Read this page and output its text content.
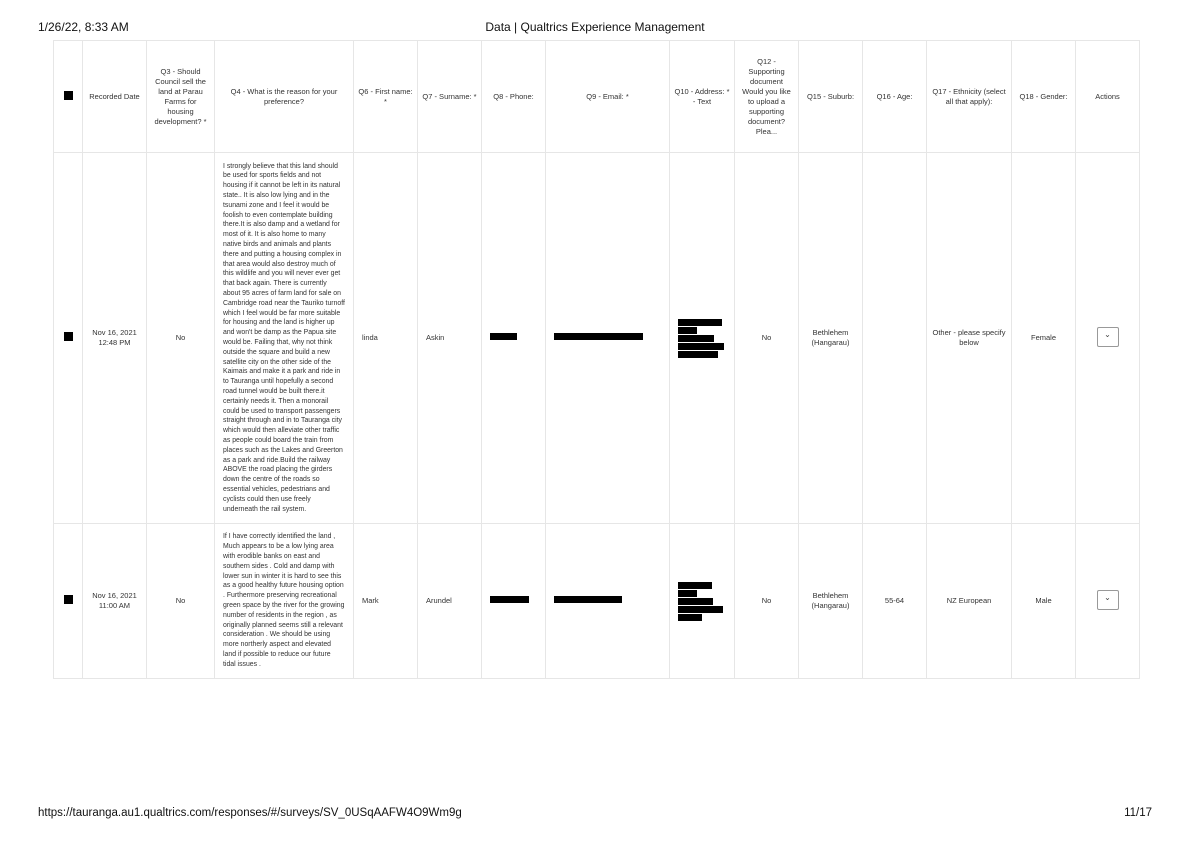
1/26/22, 8:33 AM	Data | Qualtrics Experience Management
	Recorded Date	Q3 - Should Council sell the land at Parau Farms for housing development? *	Q4 - What is the reason for your preference?	Q6 - First name: *	Q7 - Surname: *	Q8 - Phone:	Q9 - Email: *	Q10 - Address: * - Text	Q12 - Supporting document Would you like to upload a supporting document? Plea...	Q15 - Suburb:	Q16 - Age:	Q17 - Ethnicity (select all that apply):	Q18 - Gender:	Actions
	Nov 16, 2021 12:48 PM	No	I strongly believe that this land should be used for sports fields and not housing if it cannot be left in its natural state.. It is also low lying and in the tsunami zone and I feel it would be foolish to even contemplate building there.It is also damp and a wetland for most of it. It is also home to many native birds and animals and plants there and putting a housing complex in that area would also destroy much of this wildlife and you will never ever get that back again. There is currently about 95 acres of farm land for sale on Cambridge road near the Tauriko turnoff which I feel would be far more suitable for housing and the land is higher up and won't be damp as the Papua site would be. Failing that, why not think outside the square and build a new satellite city on the other side of the Kaimais and make it a park and ride in to Tauranga until hopefully a second road tunnel would be built there.it certainly needs it. Then a monorail could be used to transport passengers straight through and in to Tauranga city which would then alleviate other traffic as people could board the train from places such as the Lakes and Greerton as a park and ride.Build the railway ABOVE the road placing the girders down the centre of the roads so essential vehicles, pedestrians and cyclists could then use freely underneath the rail system.	linda	Askin				No	Bethlehem (Hangarau)		Other - please specify below	Female	⌄

	Nov 16, 2021 11:00 AM	No	If I have correctly identified the land , Much appears to be a low lying area with erodible banks on east and southern sides . Cold and damp with lower sun in winter it is hard to see this as a good healthy future housing option . Furthermore preserving recreational green space by the river for the growing number of residents in the region , as originally planned seems still a relevant consideration . We should be using more northerly aspect and elevated land if possible to reduce our future tidal issues .	Mark	Arundel				No	Bethlehem (Hangarau)	55-64	NZ European	Male	⌄
https://tauranga.au1.qualtrics.com/responses/#/surveys/SV_0USqAAFW4O9Wm9g	11/17
